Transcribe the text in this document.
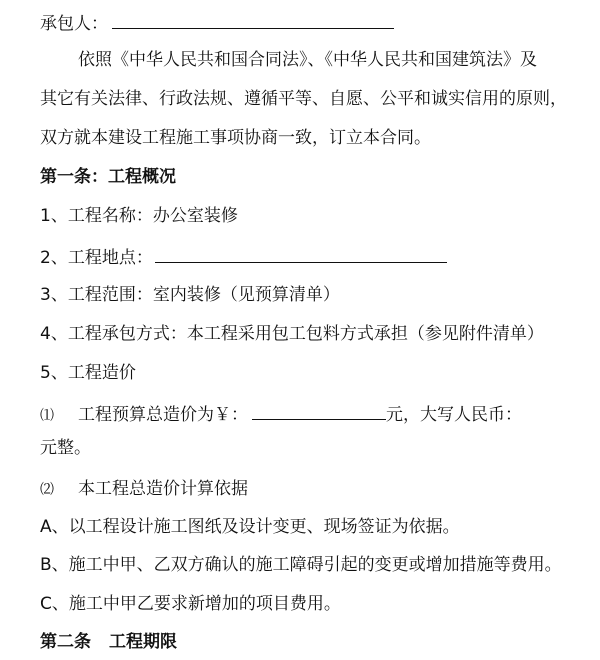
承包人：
依照《中华人民共和国合同法》、《中华人民共和国建筑法》及
其它有关法律、行政法规、遵循平等、自愿、公平和诚实信用的原则，
双方就本建设工程施工事项协商一致，订立本合同。
第一条：工程概况
1、工程名称：办公室装修
2、工程地点：
3、工程范围：室内装修（见预算清单）
4、工程承包方式：本工程采用包工包料方式承担（参见附件清单）
5、工程造价
⑴ 工程预算总造价为￥：	元，大写人民币：
元整。
⑵ 本工程总造价计算依据
A、以工程设计施工图纸及设计变更、现场签证为依据。
B、施工中甲、乙双方确认的施工障碍引起的变更或增加措施等费用。
C、施工中甲乙要求新增加的项目费用。
第二条 工程期限
